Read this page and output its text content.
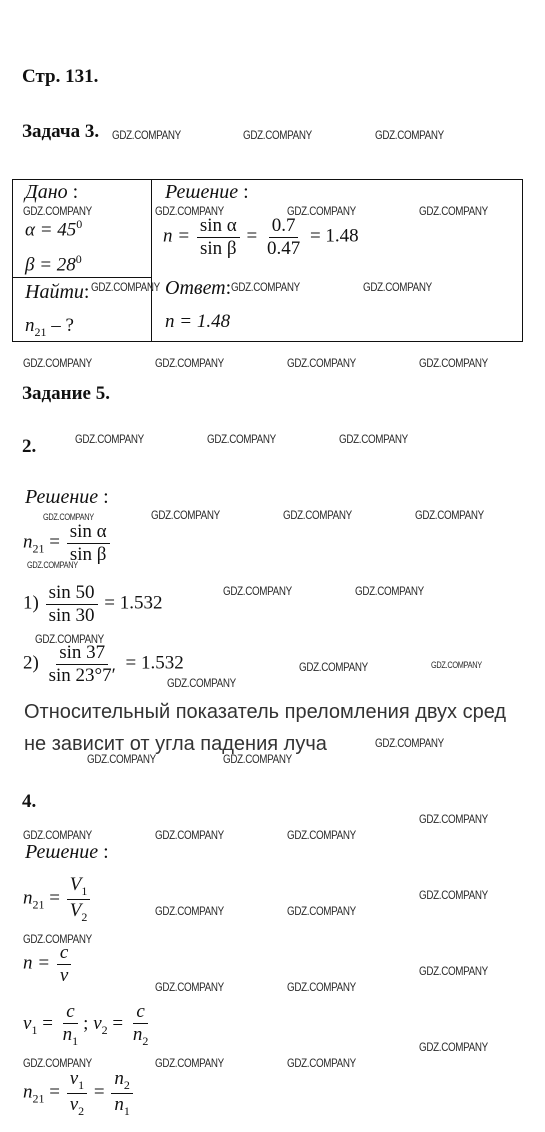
Стр. 131.
Задача 3.
Дано :
$\alpha = 45^0$
$\beta = 28^0$
Найти:
$n_{21}$ – ?
Решение :
$n = \frac{\text{sin α}}{\text{sin β}} = \frac{0.7}{0.47} = 1.48$
Ответ:
n = 1.48
Задание 5.
2.
Решение :
$n_{21} = \frac{\text{sin α}}{\text{sin β}}$
$1) \frac{\sin 50}{\sin 30} = 1.532$
$2) \frac{\sin 37}{\sin 23^\circ 7'} = 1.532$
Относительный показатель преломления двух сред
не зависит от угла падения луча
4.
Решение :
$n_{21} = \frac{V_1}{V_2}$
$n = \frac{c}{v}$
$v_1 = \frac{c}{n_1}$ ; $v_2 = \frac{c}{n_2}$
$n_{21} = \frac{v_1}{v_2} = \frac{n_2}{n_1}$
GDZ.COMPANY	GDZ.COMPANY	GDZ.COMPANY
GDZ.COMPANY	GDZ.COMPANY	GDZ.COMPANY	GDZ.COMPANY
GDZ.COMPANY	GDZ.COMPANY	GDZ.COMPANY
GDZ.COMPANY	GDZ.COMPANY	GDZ.COMPANY	GDZ.COMPANY
GDZ.COMPANY	GDZ.COMPANY	GDZ.COMPANY
GDZ.COMPANY	GDZ.COMPANY	GDZ.COMPANY
GDZ.COMPANY	GDZ.COMPANY
GDZ.COMPANY
GDZ.COMPANY
GDZ.COMPANY
GDZ.COMPANY
GDZ.COMPANY	GDZ.COMPANY
GDZ.COMPANY
GDZ.COMPANY	GDZ.COMPANY	GDZ.COMPANY
GDZ.COMPANY
GDZ.COMPANY	GDZ.COMPANY
GDZ.COMPANY
GDZ.COMPANY
GDZ.COMPANY	GDZ.COMPANY
GDZ.COMPANY
GDZ.COMPANY	GDZ.COMPANY	GDZ.COMPANY
GDZ.COMPANY
GDZ.COMPANY
GDZ.COMPANY
